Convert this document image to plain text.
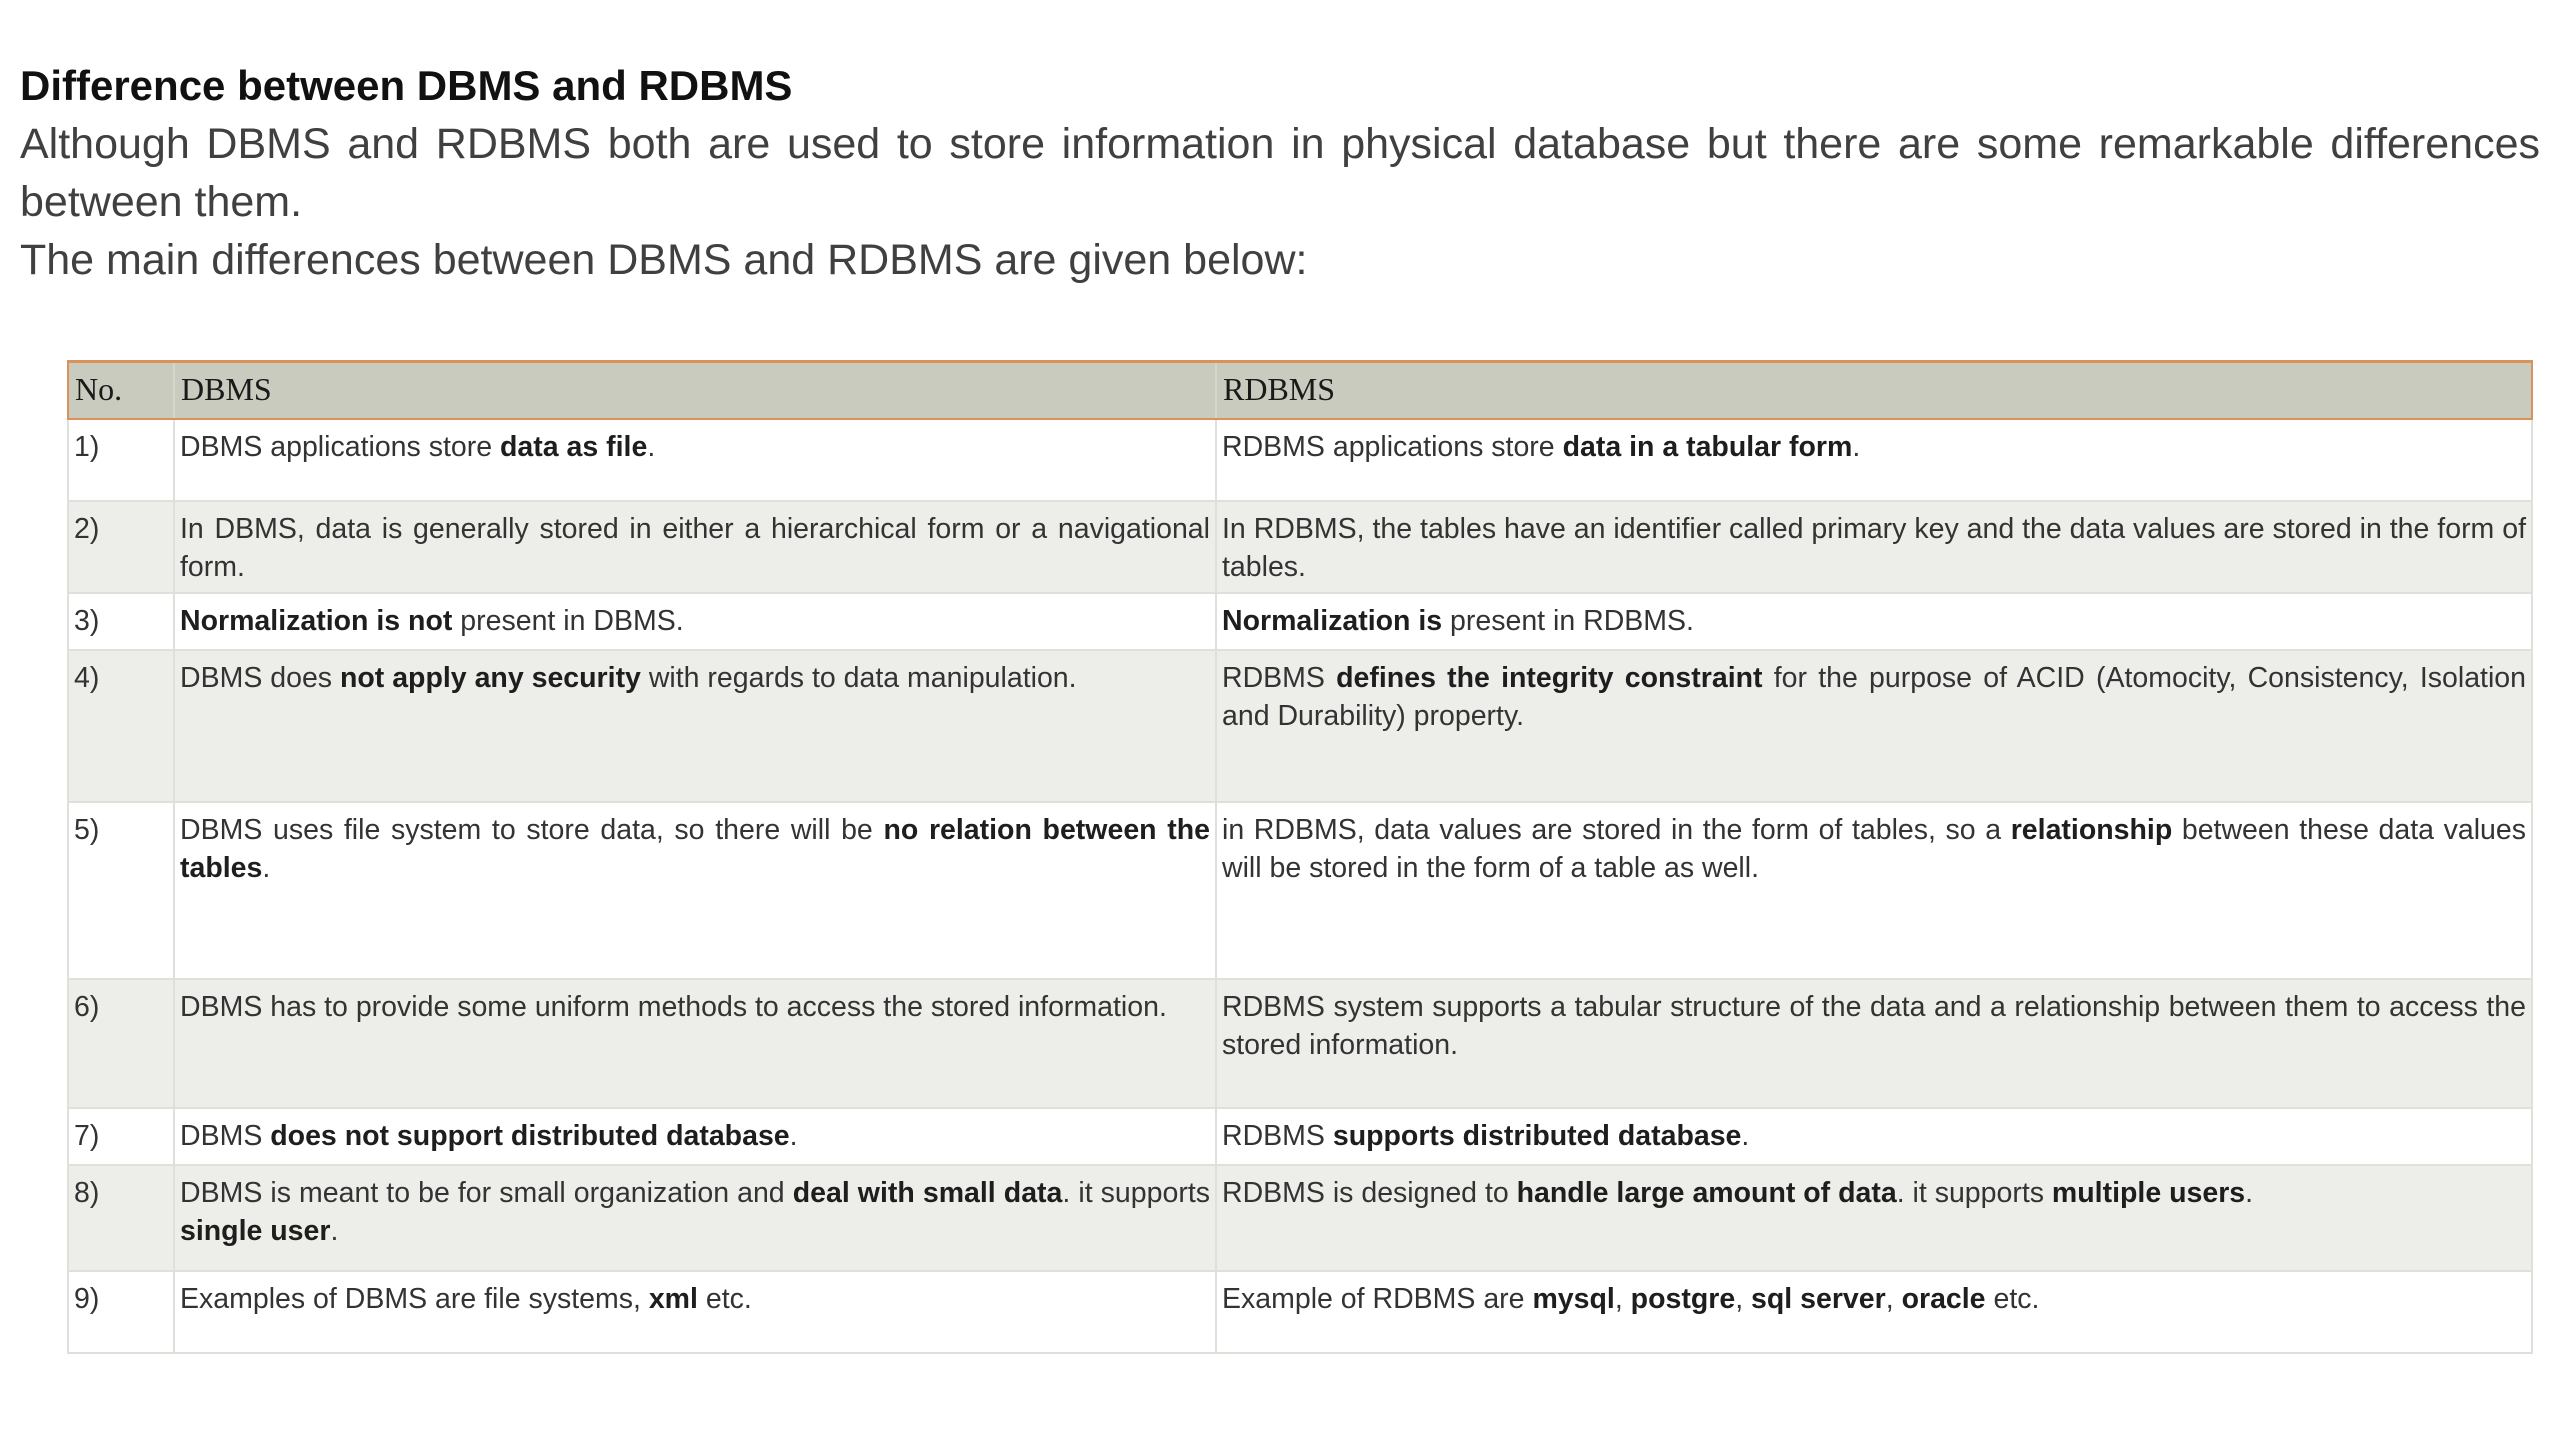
Difference between DBMS and RDBMS

Although DBMS and RDBMS both are used to store information in physical database but there are some remarkable differences between them.

The main differences between DBMS and RDBMS are given below:

No.	DBMS	RDBMS
1)	DBMS applications store data as file.	RDBMS applications store data in a tabular form.
2)	In DBMS, data is generally stored in either a hierarchical form or a navigational form.	In RDBMS, the tables have an identifier called primary key and the data values are stored in the form of tables.
3)	Normalization is not present in DBMS.	Normalization is present in RDBMS.
4)	DBMS does not apply any security with regards to data manipulation.	RDBMS defines the integrity constraint for the purpose of ACID (Atomocity, Consistency, Isolation and Durability) property.
5)	DBMS uses file system to store data, so there will be no relation between the tables.	in RDBMS, data values are stored in the form of tables, so a relationship between these data values will be stored in the form of a table as well.
6)	DBMS has to provide some uniform methods to access the stored information.	RDBMS system supports a tabular structure of the data and a relationship between them to access the stored information.
7)	DBMS does not support distributed database.	RDBMS supports distributed database.
8)	DBMS is meant to be for small organization and deal with small data. it supports single user.	RDBMS is designed to handle large amount of data. it supports multiple users.
9)	Examples of DBMS are file systems, xml etc.	Example of RDBMS are mysql, postgre, sql server, oracle etc.
